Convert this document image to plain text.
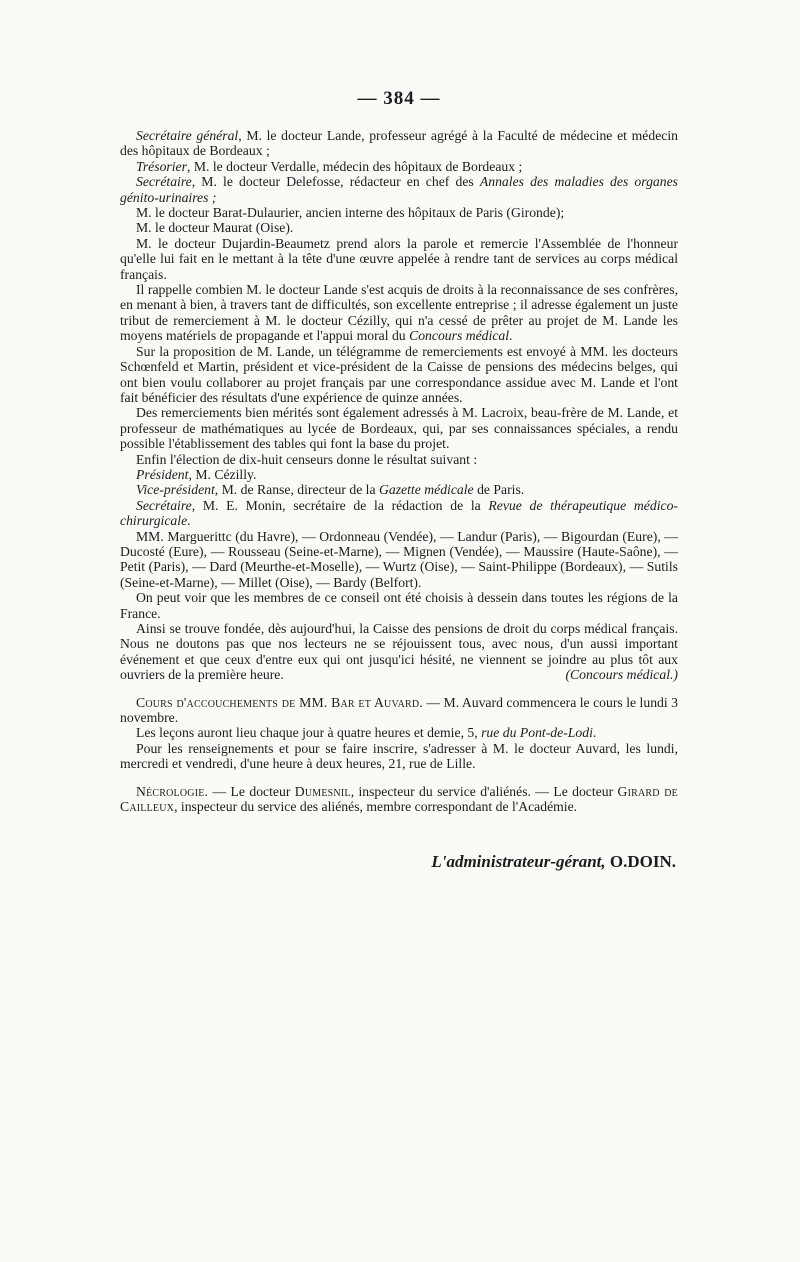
— 384 —

Secrétaire général, M. le docteur Lande, professeur agrégé à la Faculté de médecine et médecin des hôpitaux de Bordeaux ;

Trésorier, M. le docteur Verdalle, médecin des hôpitaux de Bordeaux ;

Secrétaire, M. le docteur Delefosse, rédacteur en chef des Annales des maladies des organes génito-urinaires ;

M. le docteur Barat-Dulaurier, ancien interne des hôpitaux de Paris (Gironde);

M. le docteur Maurat (Oise).

M. le docteur Dujardin-Beaumetz prend alors la parole et remercie l'Assemblée de l'honneur qu'elle lui fait en le mettant à la tête d'une œuvre appelée à rendre tant de services au corps médical français.

Il rappelle combien M. le docteur Lande s'est acquis de droits à la reconnaissance de ses confrères, en menant à bien, à travers tant de difficultés, son excellente entreprise ; il adresse également un juste tribut de remerciement à M. le docteur Cézilly, qui n'a cessé de prêter au projet de M. Lande les moyens matériels de propagande et l'appui moral du Concours médical.

Sur la proposition de M. Lande, un télégramme de remerciements est envoyé à MM. les docteurs Schœnfeld et Martin, président et vice-président de la Caisse de pensions des médecins belges, qui ont bien voulu collaborer au projet français par une correspondance assidue avec M. Lande et l'ont fait bénéficier des résultats d'une expérience de quinze années.

Des remerciements bien mérités sont également adressés à M. Lacroix, beau-frère de M. Lande, et professeur de mathématiques au lycée de Bordeaux, qui, par ses connaissances spéciales, a rendu possible l'établissement des tables qui font la base du projet.

Enfin l'élection de dix-huit censeurs donne le résultat suivant :

Président, M. Cézilly.

Vice-président, M. de Ranse, directeur de la Gazette médicale de Paris.

Secrétaire, M. E. Monin, secrétaire de la rédaction de la Revue de thérapeutique médico-chirurgicale.

MM. Marguerittc (du Havre), — Ordonneau (Vendée), — Landur (Paris), — Bigourdan (Eure), — Ducosté (Eure), — Rousseau (Seine-et-Marne), — Mignen (Vendée), — Maussire (Haute-Saône), — Petit (Paris), — Dard (Meurthe-et-Moselle), — Wurtz (Oise), — Saint-Philippe (Bordeaux), — Sutils (Seine-et-Marne), — Millet (Oise), — Bardy (Belfort).

On peut voir que les membres de ce conseil ont été choisis à dessein dans toutes les régions de la France.

Ainsi se trouve fondée, dès aujourd'hui, la Caisse des pensions de droit du corps médical français. Nous ne doutons pas que nos lecteurs ne se réjouissent tous, avec nous, d'un aussi important événement et que ceux d'entre eux qui ont jusqu'ici hésité, ne viennent se joindre au plus tôt aux ouvriers de la première heure.	(Concours médical.)

Cours d'accouchements de MM. Bar et Auvard. — M. Auvard commencera le cours le lundi 3 novembre.

Les leçons auront lieu chaque jour à quatre heures et demie, 5, rue du Pont-de-Lodi.

Pour les renseignements et pour se faire inscrire, s'adresser à M. le docteur Auvard, les lundi, mercredi et vendredi, d'une heure à deux heures, 21, rue de Lille.

Nécrologie. — Le docteur Dumesnil, inspecteur du service d'aliénés. — Le docteur Girard de Cailleux, inspecteur du service des aliénés, membre correspondant de l'Académie.

L'administrateur-gérant, O.DOIN.
